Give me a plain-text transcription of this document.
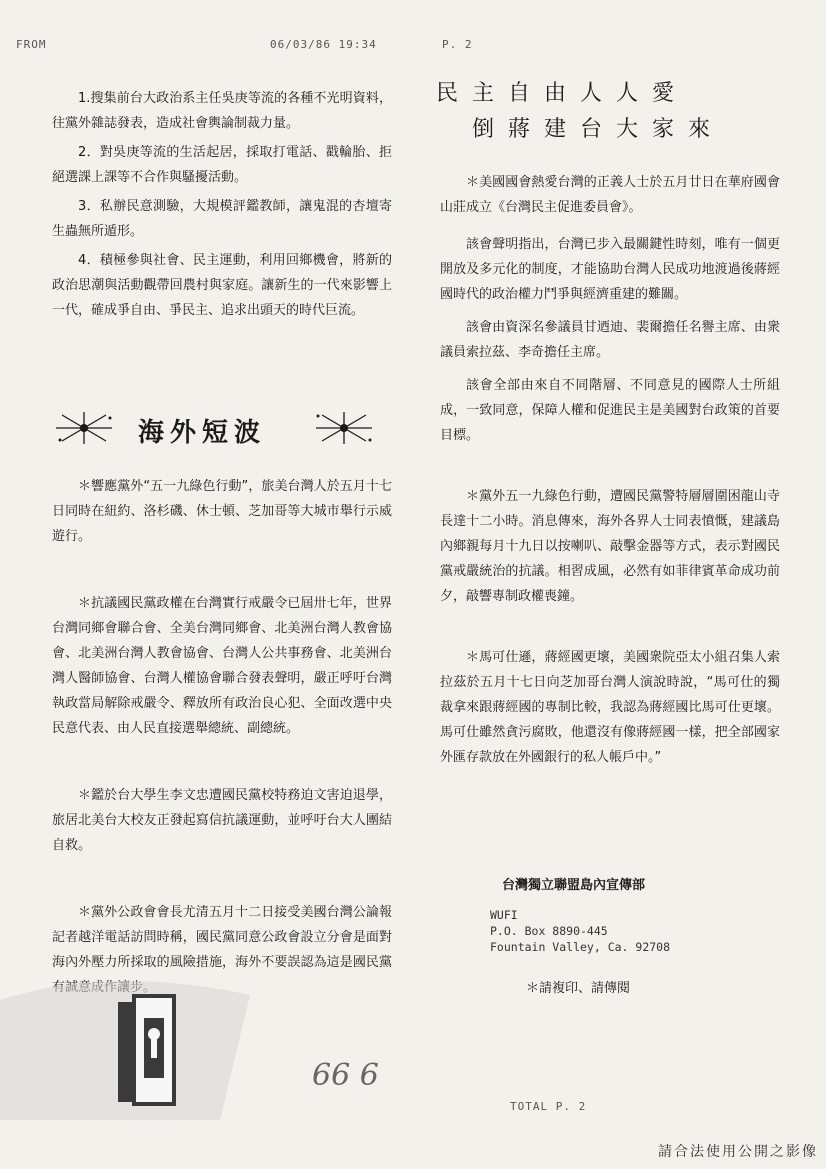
FROM	06/03/86 19:34	P. 2

1.搜集前台大政治系主任吳庚等流的各種不光明資料，往黨外雜誌發表，造成社會輿論制裁力量。

2．對吳庚等流的生活起居，採取打電話、戳輪胎、拒絕選課上課等不合作與騷擾活動。

3．私辦民意測驗，大規模評鑑教師，讓鬼混的杏壇寄生蟲無所遁形。

4．積極參與社會、民主運動，利用回鄉機會，將新的政治思潮與活動觀帶回農村與家庭。讓新生的一代來影響上一代，確成爭自由、爭民主、追求出頭天的時代巨流。

海外短波

＊響應黨外“五一九綠色行動”，旅美台灣人於五月十七日同時在紐約、洛杉磯、休士頓、芝加哥等大城市舉行示威遊行。

＊抗議國民黨政權在台灣實行戒嚴令已屆卅七年，世界台灣同鄉會聯合會、全美台灣同鄉會、北美洲台灣人教會協會、北美洲台灣人教會協會、台灣人公共事務會、北美洲台灣人醫師協會、台灣人權協會聯合發表聲明，嚴正呼吁台灣執政當局解除戒嚴令、釋放所有政治良心犯、全面改選中央民意代表、由人民直接選舉總統、副總統。

＊鑑於台大學生李文忠遭國民黨校特務迫文害迫退學，旅居北美台大校友正發起寫信抗議運動，並呼吁台大人團結自救。

＊黨外公政會會長尤清五月十二日接受美國台灣公論報記者越洋電話訪問時稱，國民黨同意公政會設立分會是面對海內外壓力所採取的風險措施，海外不要誤認為這是國民黨

民主自由人人愛
倒蔣建台大家來

＊美國國會熱愛台灣的正義人士於五月廿日在華府國會山莊成立《台灣民主促進委員會》。

該會聲明指出，台灣已步入最關鍵性時刻，唯有一個更開放及多元化的制度，才能協助台灣人民成功地渡過後蔣經國時代的政治權力鬥爭與經濟重建的難關。

該會由資深名參議員甘迺迪、裴爾擔任名譽主席、由衆議員索拉茲、李奇擔任主席。

該會全部由來自不同階層、不同意見的國際人士所組成，一致同意，保障人權和促進民主是美國對台政策的首要目標。

＊黨外五一九綠色行動，遭國民黨警特層層圍困龍山寺長達十二小時。消息傳來，海外各界人士同表憤慨，建議島內鄉親每月十九日以按喇叭、敲擊金器等方式，表示對國民黨戒嚴統治的抗議。相習成風，必然有如菲律賓革命成功前夕，敲響專制政權喪鐘。

＊馬可仕遜，蔣經國更壞，美國衆院亞太小組召集人索拉茲於五月十七日向芝加哥台灣人演說時說，“馬可仕的獨裁拿來跟蔣經國的專制比較，我認為蔣經國比馬可仕更壞。馬可仕雖然貪污腐敗，他還沒有像蔣經國一樣，把全部國家外匯存款放在外國銀行的私人帳戶中。”

台灣獨立聯盟島內宣傳部
WUFI
P.O. Box 8890-445
Fountain Valley, Ca. 92708
＊請複印、請傳閱
66 6
TOTAL P. 2
請合法使用公開之影像
